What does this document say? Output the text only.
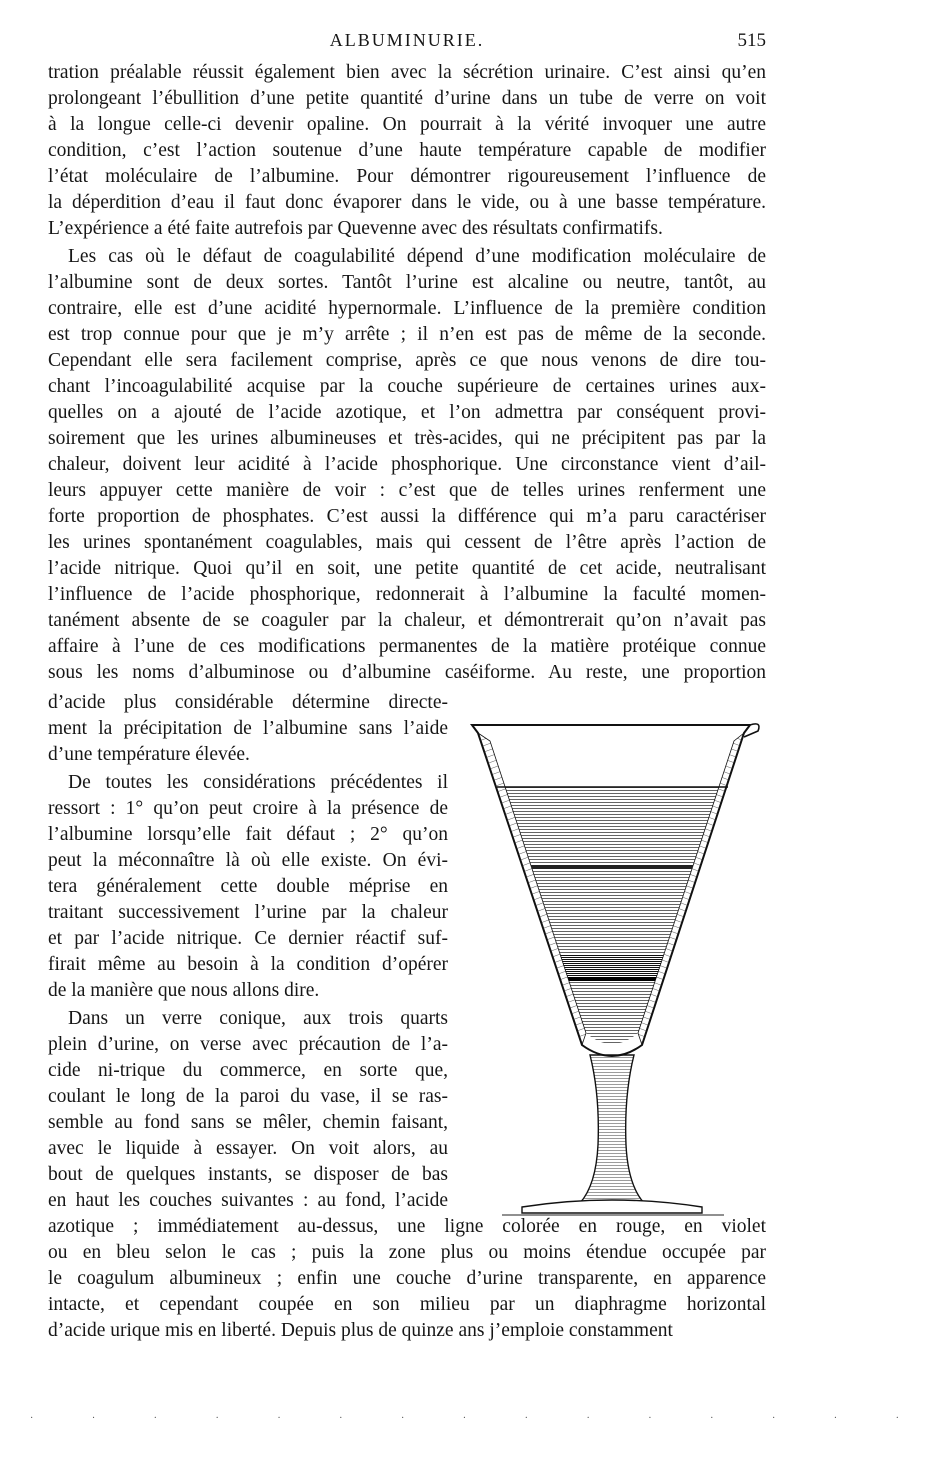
ALBUMINURIE.	515
tration préalable réussit également bien avec la sécrétion urinaire. C’est ainsi qu’en
prolongeant l’ébullition d’une petite quantité d’urine dans un tube de verre on voit
à la longue celle-ci devenir opaline. On pourrait à la vérité invoquer une autre
condition, c’est l’action soutenue d’une haute température capable de modifier
l’état moléculaire de l’albumine. Pour démontrer rigoureusement l’influence de
la déperdition d’eau il faut donc évaporer dans le vide, ou à une basse température.
L’expérience a été faite autrefois par Quevenne avec des résultats confirmatifs.
Les cas où le défaut de coagulabilité dépend d’une modification moléculaire de
l’albumine sont de deux sortes. Tantôt l’urine est alcaline ou neutre, tantôt, au
contraire, elle est d’une acidité hypernormale. L’influence de la première condition
est trop connue pour que je m’y arrête ; il n’en est pas de même de la seconde.
Cependant elle sera facilement comprise, après ce que nous venons de dire tou-
chant l’incoagulabilité acquise par la couche supérieure de certaines urines aux-
quelles on a ajouté de l’acide azotique, et l’on admettra par conséquent provi-
soirement que les urines albumineuses et très-acides, qui ne précipitent pas par la
chaleur, doivent leur acidité à l’acide phosphorique. Une circonstance vient d’ail-
leurs appuyer cette manière de voir : c’est que de telles urines renferment une
forte proportion de phosphates. C’est aussi la différence qui m’a paru caractériser
les urines spontanément coagulables, mais qui cessent de l’être après l’action de
l’acide nitrique. Quoi qu’il en soit, une petite quantité de cet acide, neutralisant
l’influence de l’acide phosphorique, redonnerait à l’albumine la faculté momen-
tanément absente de se coaguler par la chaleur, et démontrerait qu’on n’avait pas
affaire à l’une de ces modifications permanentes de la matière protéique connue
sous les noms d’albuminose ou d’albumine caséiforme. Au reste, une proportion
d’acide plus considérable détermine directe-
ment la précipitation de l’albumine sans l’aide
d’une température élevée.
De toutes les considérations précédentes il
ressort : 1° qu’on peut croire à la présence de
l’albumine lorsqu’elle fait défaut ; 2° qu’on
peut la méconnaître là où elle existe. On évi-
tera généralement cette double méprise en
traitant successivement l’urine par la chaleur
et par l’acide nitrique. Ce dernier réactif suf-
firait même au besoin à la condition d’opérer
de la manière que nous allons dire.
Dans un verre conique, aux trois quarts
plein d’urine, on verse avec précaution de l’a-
cide ni-trique du commerce, en sorte que,
coulant le long de la paroi du vase, il se ras-
semble au fond sans se mêler, chemin faisant,
avec le liquide à essayer. On voit alors, au
bout de quelques instants, se disposer de bas
en haut les couches suivantes : au fond, l’acide
azotique ; immédiatement au-dessus, une ligne colorée en rouge, en violet
ou en bleu selon le cas ; puis la zone plus ou moins étendue occupée par
le coagulum albumineux ; enfin une couche d’urine transparente, en apparence
intacte, et cependant coupée en son milieu par un diaphragme horizontal
d’acide urique mis en liberté. Depuis plus de quinze ans j’emploie constamment
· · · · · · · · · · · · · · ·
